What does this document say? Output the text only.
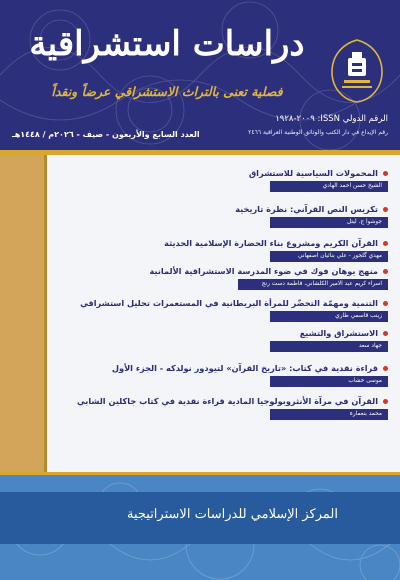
دراسات استشراقية
فصلية تعنى بالتراث الاستشراقي عرضاً ونقداً
الرقم الدولي ISSN: ٢٠٠٩-١٩٢٨
رقم الإيداع في دار الكتب والوثائق الوطنية العراقية ٢٤٦٦
العدد السابع والأربعون - صيف - ٢٠٢٦م / ١٤٤٨هـ
المحمولات السياسية للاستشراق
الشيخ حسن احمد الهادي
تكريس النص القرآني: نظرة تاريخية
جوشوا ج. ليتل
القرآن الكريم ومشروع بناء الحضارة الإسلامية الحديثة
مهدي گلجور - علي بنائيان اصفهاني
منهج يوهان فوك في ضوء المدرسة الاستشراقية الألمانية
اسراء كريم عبد الامير الكلشاني، فاطمة دست رنج
التنمية ومهمّة التحضّر للمرأة البريطانية في المستعمرات تحليل استشراقي
زينب قاسمي طاري
الاستشراق والتشيع
جهاد سعد
قراءة نقدية في كتاب: «تاريخ القرآن» لتيودور نولدكه - الجزء الأول
موسى خشاب
القرآن في مرآة الأنثروبولوجيا المادية قراءة نقدية في كتاب جاكلين الشابي
محمد بنعمارة
المركز الإسلامي للدراسات الاستراتيجية
